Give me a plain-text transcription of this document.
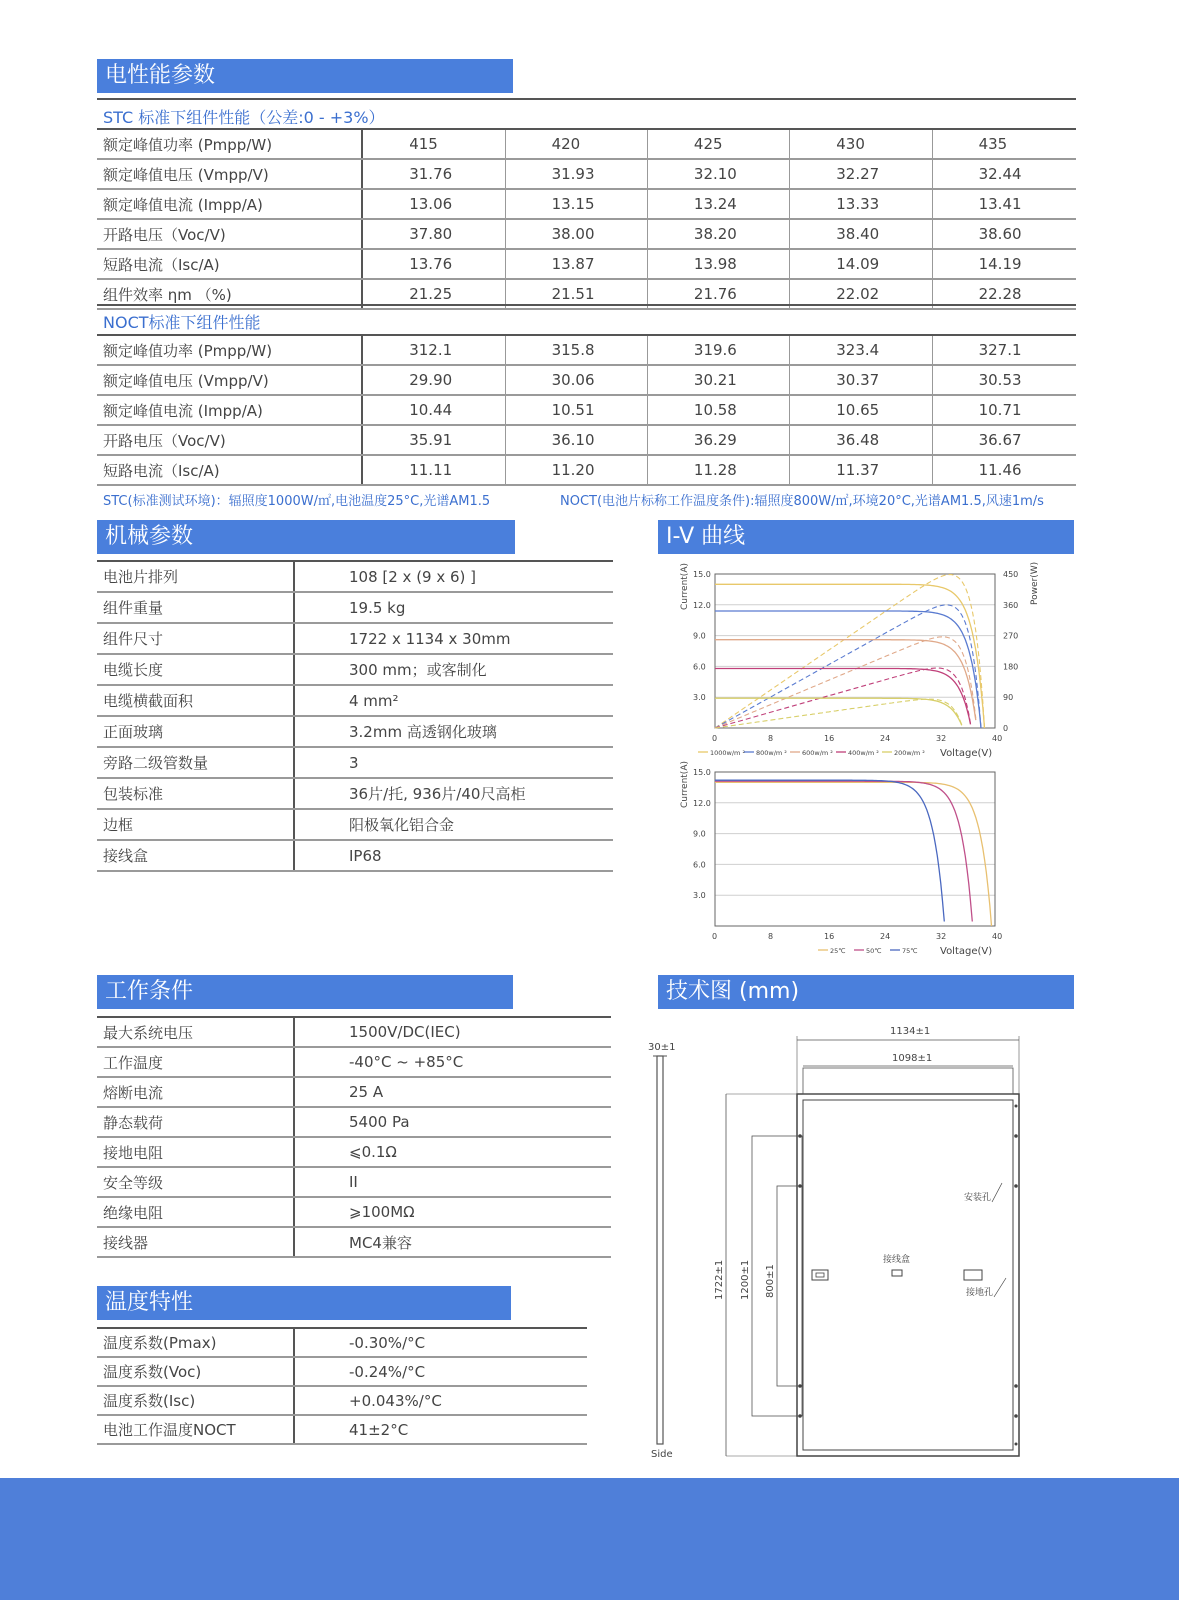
电性能参数
STC 标准下组件性能（公差:0 - +3%）
额定峰值功率 (Pmpp/W)	415	420	425	430	435
额定峰值电压 (Vmpp/V)	31.76	31.93	32.10	32.27	32.44
额定峰值电流 (Impp/A)	13.06	13.15	13.24	13.33	13.41
开路电压（Voc/V)	37.80	38.00	38.20	38.40	38.60
短路电流（Isc/A)	13.76	13.87	13.98	14.09	14.19
组件效率 ηm （%)	21.25	21.51	21.76	22.02	22.28
NOCT标准下组件性能
额定峰值功率 (Pmpp/W)	312.1	315.8	319.6	323.4	327.1
额定峰值电压 (Vmpp/V)	29.90	30.06	30.21	30.37	30.53
额定峰值电流 (Impp/A)	10.44	10.51	10.58	10.65	10.71
开路电压（Voc/V)	35.91	36.10	36.29	36.48	36.67
短路电流（Isc/A)	11.11	11.20	11.28	11.37	11.46
STC(标准测试环境)：辐照度1000W/㎡,电池温度25°C,光谱AM1.5	NOCT(电池片标称工作温度条件):辐照度800W/㎡,环境20°C,光谱AM1.5,风速1m/s
机械参数
电池片排列	108 [2 x (9 x 6) ]
组件重量	19.5 kg
组件尺寸	1722 x 1134 x 30mm
电缆长度	300 mm；或客制化
电缆横截面积	4 mm²
正面玻璃	3.2mm 高透钢化玻璃
旁路二级管数量	3
包装标准	36片/托, 936片/40尺高柜
边框	阳极氧化铝合金
接线盒	IP68
I-V 曲线
0	8	16	24	32	40
3.0
6.0
9.0
12.0
15.0
0
90
180
270
360
450 Power(W)
Current(A)
Voltage(V)
1000w/m ² 800w/m ² 600w/m ² 400w/m ² 200w/m ²
0	8	16	24	32	40
3.0
6.0
9.0
12.0
15.0
Current(A)
Voltage(V)
25℃	50℃	75℃
工作条件
最大系统电压	1500V/DC(IEC)
工作温度	-40°C ~ +85°C
熔断电流	25 A
静态载荷	5400 Pa
接地电阻	⩽0.1Ω
安全等级	II
绝缘电阻	⩾100MΩ
接线器	MC4兼容
温度特性
温度系数(Pmax)	-0.30%/°C
温度系数(Voc)	-0.24%/°C
温度系数(Isc)	+0.043%/°C
电池工作温度NOCT	41±2°C
技术图 (mm)
30±1
Side
1134±1
1098±1
1722±1 1200±1 800±1
接线盒
安装孔
接地孔
